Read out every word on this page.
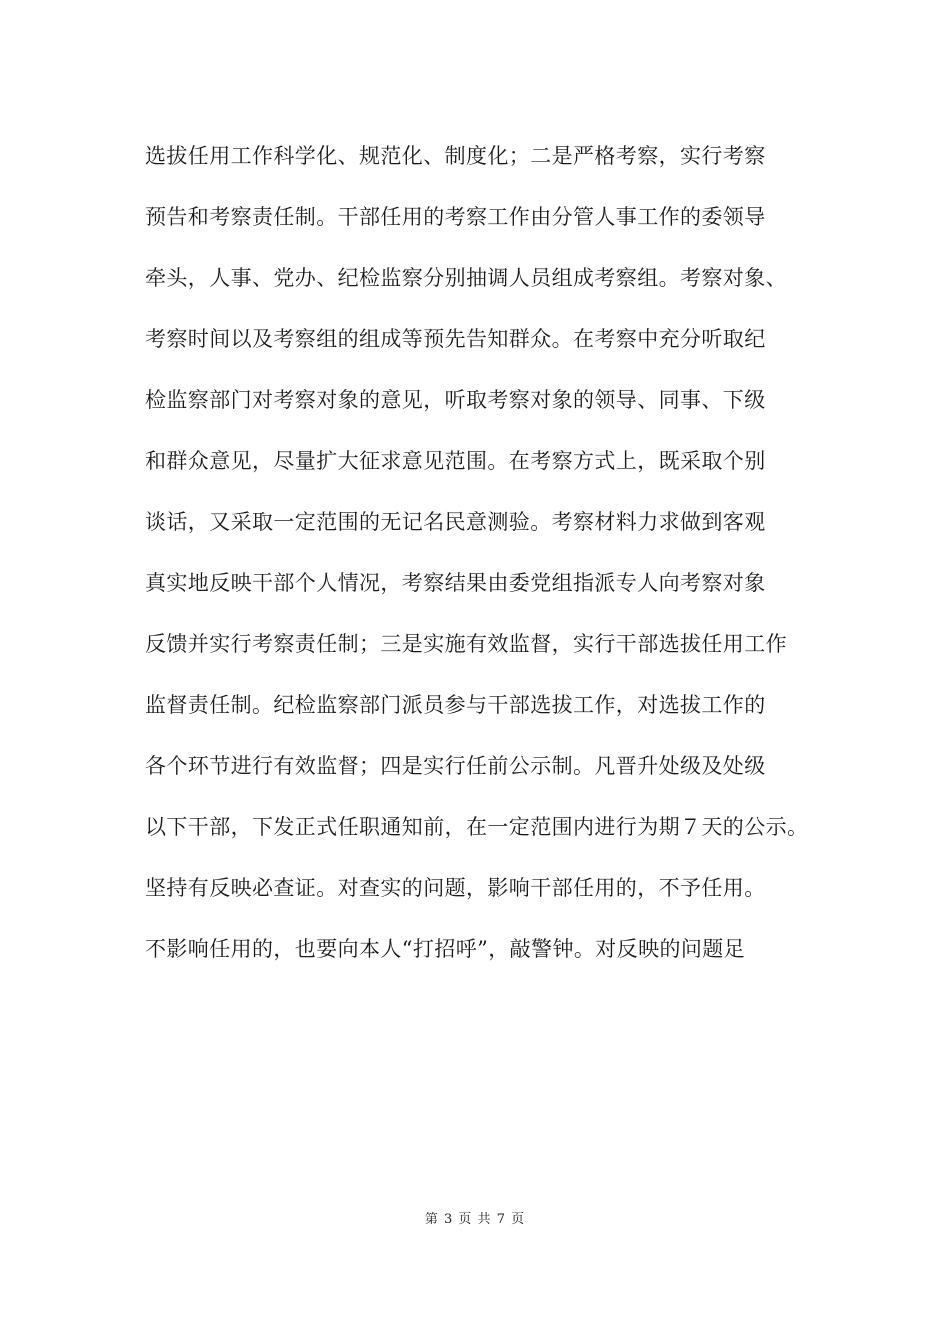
选拔任用工作科学化、规范化、制度化；二是严格考察，实行考察
预告和考察责任制。干部任用的考察工作由分管人事工作的委领导
牵头，人事、党办、纪检监察分别抽调人员组成考察组。考察对象、
考察时间以及考察组的组成等预先告知群众。在考察中充分听取纪
检监察部门对考察对象的意见，听取考察对象的领导、同事、下级
和群众意见，尽量扩大征求意见范围。在考察方式上，既采取个别
谈话，又采取一定范围的无记名民意测验。考察材料力求做到客观
真实地反映干部个人情况，考察结果由委党组指派专人向考察对象
反馈并实行考察责任制；三是实施有效监督，实行干部选拔任用工作
监督责任制。纪检监察部门派员参与干部选拔工作，对选拔工作的
各个环节进行有效监督；四是实行任前公示制。凡晋升处级及处级
以下干部，下发正式任职通知前，在一定范围内进行为期７天的公示。
坚持有反映必查证。对查实的问题，影响干部任用的，不予任用。
不影响任用的，也要向本人“打招呼”，敲警钟。对反映的问题足
第 3 页 共 7 页
